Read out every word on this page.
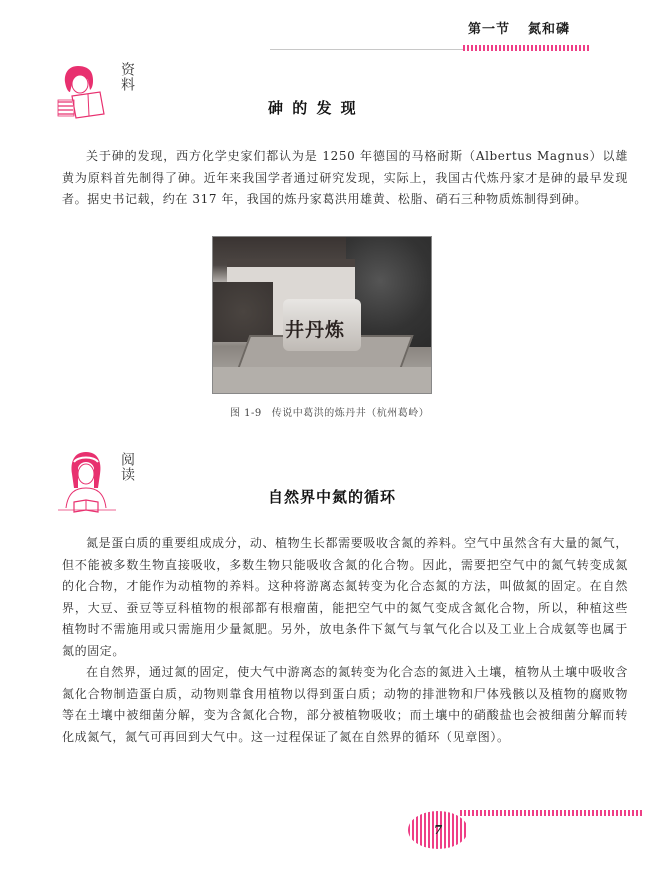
第一节 氮和磷
资料
砷 的 发 现

关于砷的发现，西方化学史家们都认为是 1250 年德国的马格耐斯（Albertus Magnus）以雄黄为原料首先制得了砷。近年来我国学者通过研究发现，实际上，我国古代炼丹家才是砷的最早发现者。据史书记载，约在 317 年，我国的炼丹家葛洪用雄黄、松脂、硝石三种物质炼制得到砷。

井丹炼
图 1-9 传说中葛洪的炼丹井（杭州葛岭）
阅读
自然界中氮的循环

氮是蛋白质的重要组成成分，动、植物生长都需要吸收含氮的养料。空气中虽然含有大量的氮气，但不能被多数生物直接吸收，多数生物只能吸收含氮的化合物。因此，需要把空气中的氮气转变成氮的化合物，才能作为动植物的养料。这种将游离态氮转变为化合态氮的方法，叫做氮的固定。在自然界，大豆、蚕豆等豆科植物的根部都有根瘤菌，能把空气中的氮气变成含氮化合物，所以，种植这些植物时不需施用或只需施用少量氮肥。另外，放电条件下氮气与氧气化合以及工业上合成氨等也属于氮的固定。

在自然界，通过氮的固定，使大气中游离态的氮转变为化合态的氮进入土壤，植物从土壤中吸收含氮化合物制造蛋白质，动物则靠食用植物以得到蛋白质；动物的排泄物和尸体残骸以及植物的腐败物等在土壤中被细菌分解，变为含氮化合物，部分被植物吸收；而土壤中的硝酸盐也会被细菌分解而转化成氮气，氮气可再回到大气中。这一过程保证了氮在自然界的循环（见章图）。

7
